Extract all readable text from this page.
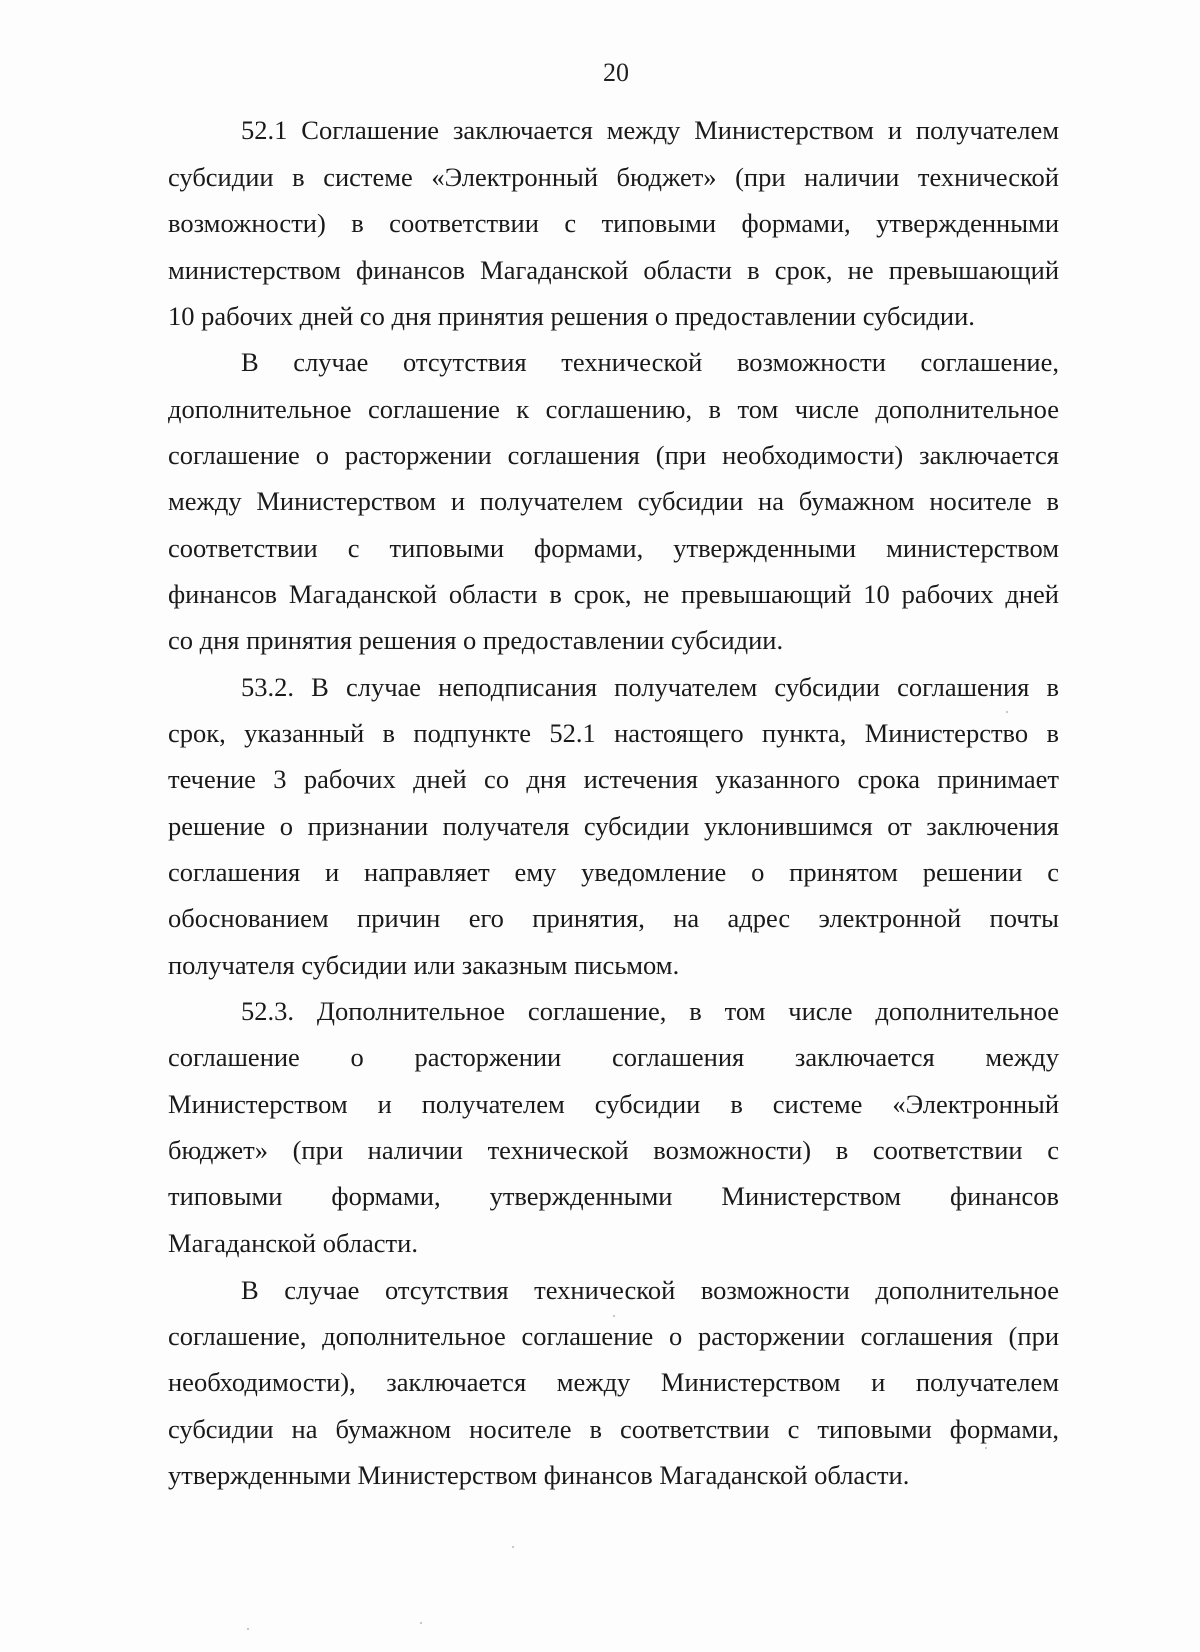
20
52.1 Соглашение заключается между Министерством и получателем
субсидии в системе «Электронный бюджет» (при наличии технической
возможности) в соответствии с типовыми формами, утвержденными
министерством финансов Магаданской области в срок, не превышающий
10 рабочих дней со дня принятия решения о предоставлении субсидии.
В случае отсутствия технической возможности соглашение,
дополнительное соглашение к соглашению, в том числе дополнительное
соглашение о расторжении соглашения (при необходимости) заключается
между Министерством и получателем субсидии на бумажном носителе в
соответствии с типовыми формами, утвержденными министерством
финансов Магаданской области в срок, не превышающий 10 рабочих дней
со дня принятия решения о предоставлении субсидии.
53.2. В случае неподписания получателем субсидии соглашения в
срок, указанный в подпункте 52.1 настоящего пункта, Министерство в
течение 3 рабочих дней со дня истечения указанного срока принимает
решение о признании получателя субсидии уклонившимся от заключения
соглашения и направляет ему уведомление о принятом решении с
обоснованием причин его принятия, на адрес электронной почты
получателя субсидии или заказным письмом.
52.3. Дополнительное соглашение, в том числе дополнительное
соглашение о расторжении соглашения заключается между
Министерством и получателем субсидии в системе «Электронный
бюджет» (при наличии технической возможности) в соответствии с
типовыми формами, утвержденными Министерством финансов
Магаданской области.
В случае отсутствия технической возможности дополнительное
соглашение, дополнительное соглашение о расторжении соглашения (при
необходимости), заключается между Министерством и получателем
субсидии на бумажном носителе в соответствии с типовыми формами,
утвержденными Министерством финансов Магаданской области.
